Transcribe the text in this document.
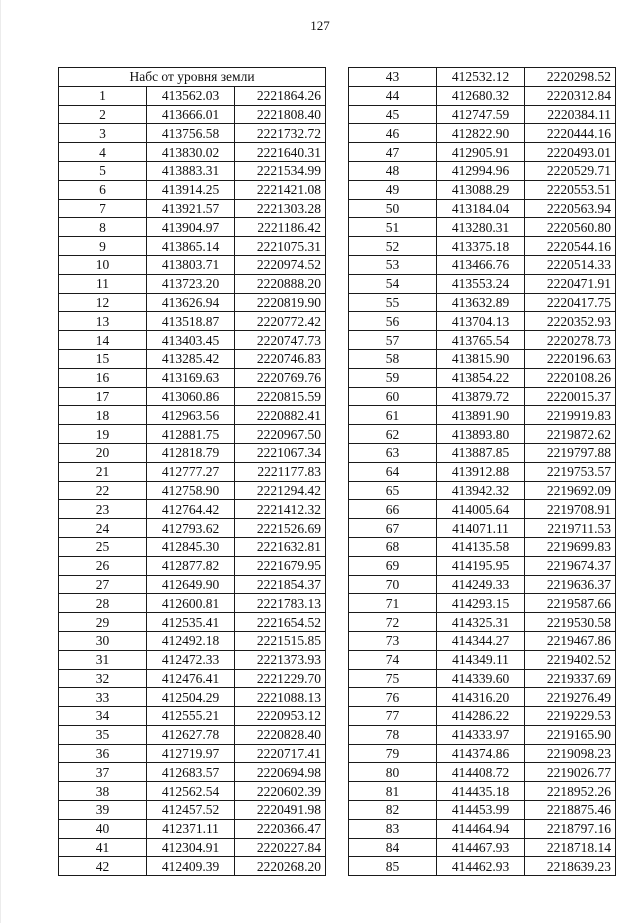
127
Набс от уровня земли		
1	413562.03	2221864.26
2	413666.01	2221808.40
3	413756.58	2221732.72
4	413830.02	2221640.31
5	413883.31	2221534.99
6	413914.25	2221421.08
7	413921.57	2221303.28
8	413904.97	2221186.42
9	413865.14	2221075.31
10	413803.71	2220974.52
11	413723.20	2220888.20
12	413626.94	2220819.90
13	413518.87	2220772.42
14	413403.45	2220747.73
15	413285.42	2220746.83
16	413169.63	2220769.76
17	413060.86	2220815.59
18	412963.56	2220882.41
19	412881.75	2220967.50
20	412818.79	2221067.34
21	412777.27	2221177.83
22	412758.90	2221294.42
23	412764.42	2221412.32
24	412793.62	2221526.69
25	412845.30	2221632.81
26	412877.82	2221679.95
27	412649.90	2221854.37
28	412600.81	2221783.13
29	412535.41	2221654.52
30	412492.18	2221515.85
31	412472.33	2221373.93
32	412476.41	2221229.70
33	412504.29	2221088.13
34	412555.21	2220953.12
35	412627.78	2220828.40
36	412719.97	2220717.41
37	412683.57	2220694.98
38	412562.54	2220602.39
39	412457.52	2220491.98
40	412371.11	2220366.47
41	412304.91	2220227.84
42	412409.39	2220268.20
43	412532.12	2220298.52
44	412680.32	2220312.84
45	412747.59	2220384.11
46	412822.90	2220444.16
47	412905.91	2220493.01
48	412994.96	2220529.71
49	413088.29	2220553.51
50	413184.04	2220563.94
51	413280.31	2220560.80
52	413375.18	2220544.16
53	413466.76	2220514.33
54	413553.24	2220471.91
55	413632.89	2220417.75
56	413704.13	2220352.93
57	413765.54	2220278.73
58	413815.90	2220196.63
59	413854.22	2220108.26
60	413879.72	2220015.37
61	413891.90	2219919.83
62	413893.80	2219872.62
63	413887.85	2219797.88
64	413912.88	2219753.57
65	413942.32	2219692.09
66	414005.64	2219708.91
67	414071.11	2219711.53
68	414135.58	2219699.83
69	414195.95	2219674.37
70	414249.33	2219636.37
71	414293.15	2219587.66
72	414325.31	2219530.58
73	414344.27	2219467.86
74	414349.11	2219402.52
75	414339.60	2219337.69
76	414316.20	2219276.49
77	414286.22	2219229.53
78	414333.97	2219165.90
79	414374.86	2219098.23
80	414408.72	2219026.77
81	414435.18	2218952.26
82	414453.99	2218875.46
83	414464.94	2218797.16
84	414467.93	2218718.14
85	414462.93	2218639.23
